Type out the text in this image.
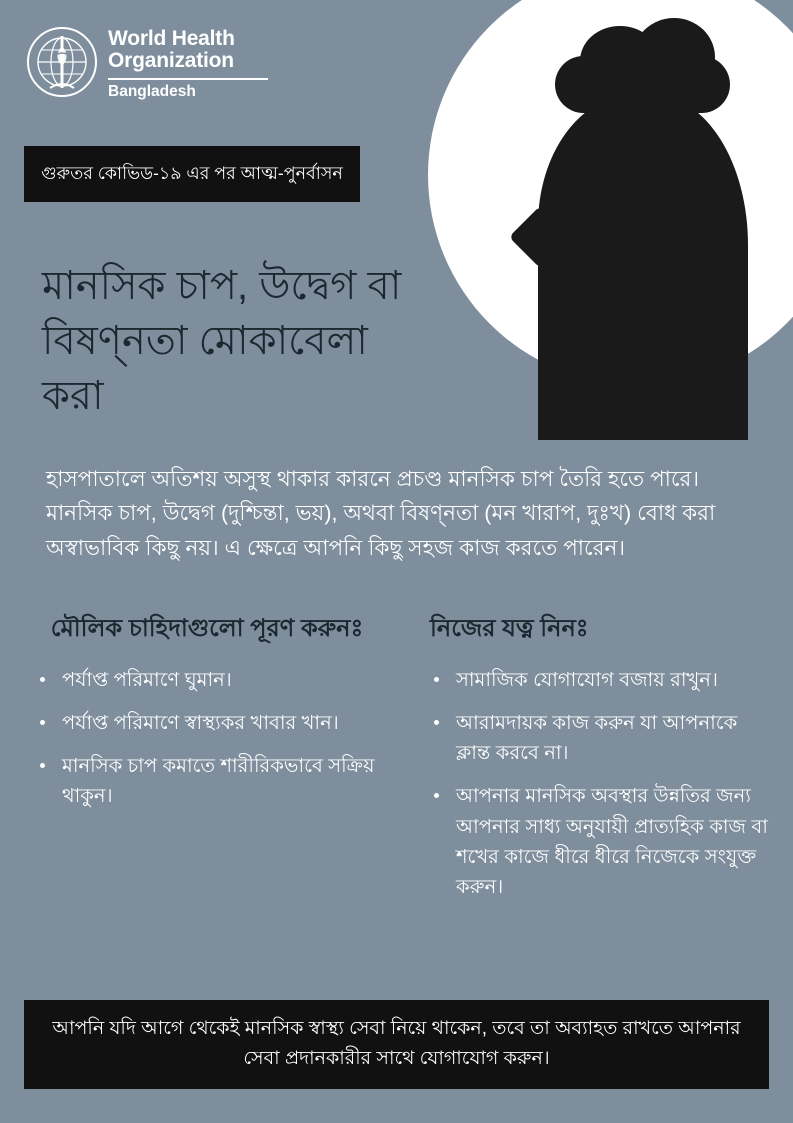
World Health
Organization
Bangladesh
গুরুতর কোভিড-১৯ এর পর আত্ম-পুনর্বাসন
মানসিক চাপ, উদ্বেগ বা বিষণ্নতা মোকাবেলা করা

হাসপাতালে অতিশয় অসুস্থ থাকার কারনে প্রচণ্ড মানসিক চাপ তৈরি হতে পারে। মানসিক চাপ, উদ্বেগ (দুশ্চিন্তা, ভয়), অথবা বিষণ্নতা (মন খারাপ, দুঃখ) বোধ করা অস্বাভাবিক কিছু নয়। এ ক্ষেত্রে আপনি কিছু সহজ কাজ করতে পারেন।

মৌলিক চাহিদাগুলো পূরণ করুনঃ
পর্যাপ্ত পরিমাণে ঘুমান।
পর্যাপ্ত পরিমাণে স্বাস্থ্যকর খাবার খান।
মানসিক চাপ কমাতে শারীরিকভাবে সক্রিয় থাকুন।
নিজের যত্ন নিনঃ
সামাজিক যোগাযোগ বজায় রাখুন।
আরামদায়ক কাজ করুন যা আপনাকে ক্লান্ত করবে না।
আপনার মানসিক অবস্থার উন্নতির জন্য আপনার সাধ্য অনুযায়ী প্রাত্যহিক কাজ বা শখের কাজে ধীরে ধীরে নিজেকে সংযুক্ত করুন।
আপনি যদি আগে থেকেই মানসিক স্বাস্থ্য সেবা নিয়ে থাকেন, তবে তা অব্যাহত রাখতে আপনার সেবা প্রদানকারীর সাথে যোগাযোগ করুন।
